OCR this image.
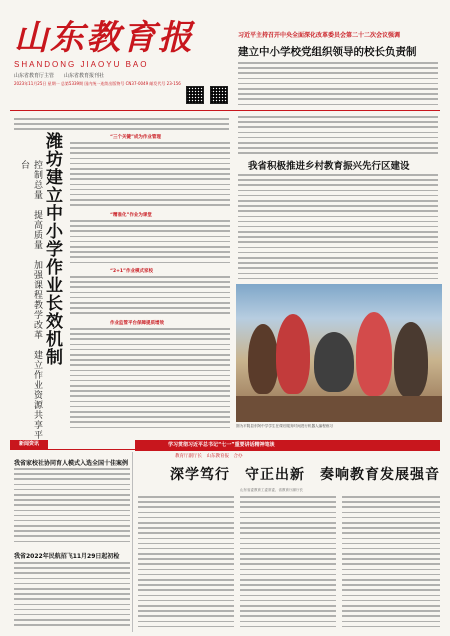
山东教育报
SHANDONG JIAOYU BAO
山东省教育厅主管　　山东省教育报刊社
2023年11月25日 星期一 总第5339期 国内统一连续出版物号 CN37-0049 邮发代号 23-156
习近平主持召开中央全面深化改革委员会第二十二次会议强调
建立中小学校党组织领导的校长负责制
控制总量　提高质量　加强课程教学改革　建立作业资源共享平台 潍坊建立中小学作业长效机制	“三个关键”成为作业管理
“精准化”作业为课堂
“2+1”作业模式家校
作业监管平台保障提质增效
我省积极推进乡村教育振兴先行区建设
图为平阴县东阿中学学生在课后服务时间进行机器人编程练习
新闻资讯
我省家校社协同育人模式入选全国十佳案例
我省2022年民航招飞11月29日起初检
学习贯彻习近平总书记“七一”重要讲话精神笔谈
教育厅副厅长　山东教育报　合办
深学笃行　守正出新　奏响教育发展强音
山东省委教育工委常委、省教育厅副厅长
